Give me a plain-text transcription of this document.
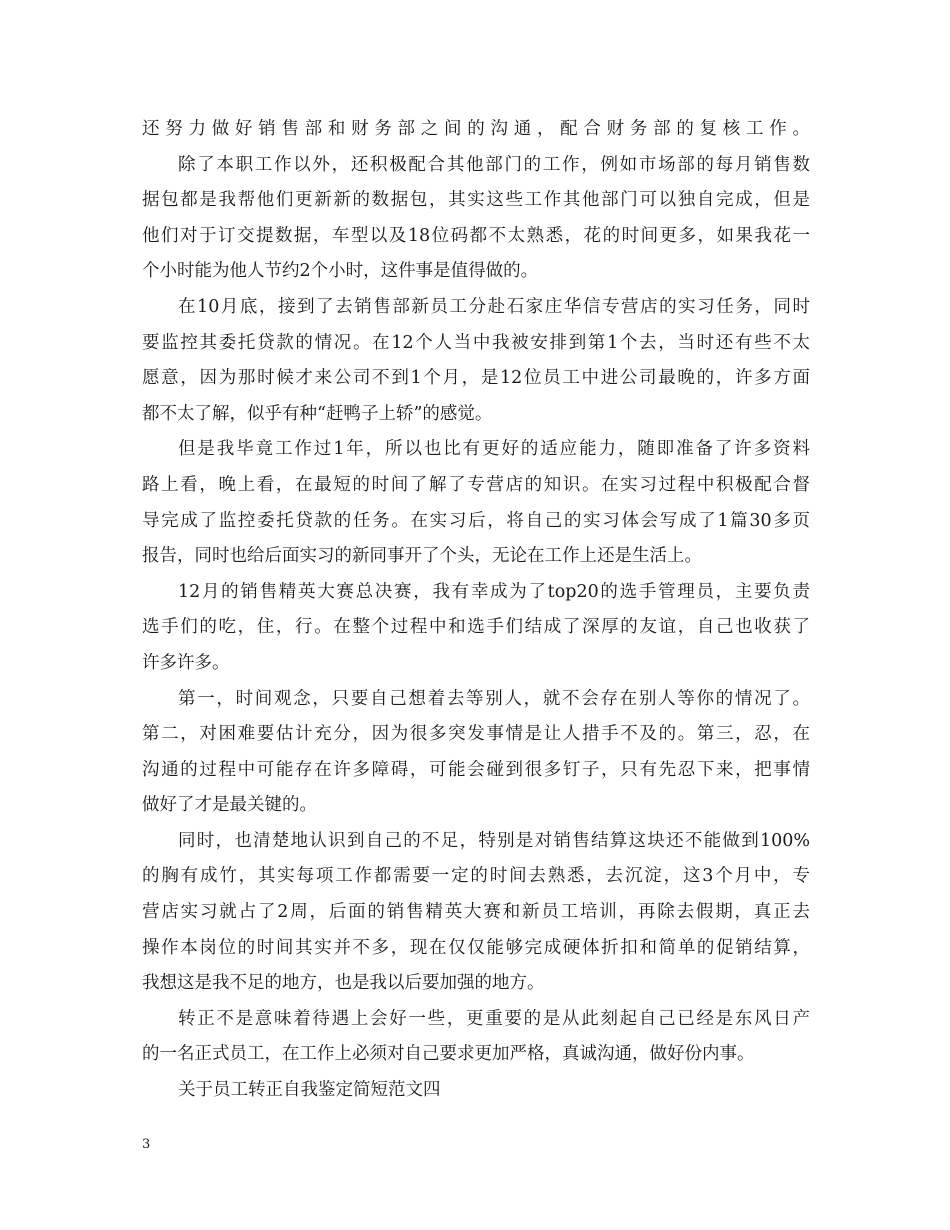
还努力做好销售部和财务部之间的沟通，配合财务部的复核工作。
除了本职工作以外，还积极配合其他部门的工作，例如市场部的每月销售数
据包都是我帮他们更新新的数据包，其实这些工作其他部门可以独自完成，但是
他们对于订交提数据，车型以及18位码都不太熟悉，花的时间更多，如果我花一
个小时能为他人节约2个小时，这件事是值得做的。
在10月底，接到了去销售部新员工分赴石家庄华信专营店的实习任务，同时
要监控其委托贷款的情况。在12个人当中我被安排到第1个去，当时还有些不太
愿意，因为那时候才来公司不到1个月，是12位员工中进公司最晚的，许多方面
都不太了解，似乎有种“赶鸭子上轿”的感觉。
但是我毕竟工作过1年，所以也比有更好的适应能力，随即准备了许多资料
路上看，晚上看，在最短的时间了解了专营店的知识。在实习过程中积极配合督
导完成了监控委托贷款的任务。在实习后，将自己的实习体会写成了1篇30多页
报告，同时也给后面实习的新同事开了个头，无论在工作上还是生活上。
12月的销售精英大赛总决赛，我有幸成为了top20的选手管理员，主要负责
选手们的吃，住，行。在整个过程中和选手们结成了深厚的友谊，自己也收获了
许多许多。
第一，时间观念，只要自己想着去等别人，就不会存在别人等你的情况了。
第二，对困难要估计充分，因为很多突发事情是让人措手不及的。第三，忍，在
沟通的过程中可能存在许多障碍，可能会碰到很多钉子，只有先忍下来，把事情
做好了才是最关键的。
同时，也清楚地认识到自己的不足，特别是对销售结算这块还不能做到100%
的胸有成竹，其实每项工作都需要一定的时间去熟悉，去沉淀，这3个月中，专
营店实习就占了2周，后面的销售精英大赛和新员工培训，再除去假期，真正去
操作本岗位的时间其实并不多，现在仅仅能够完成硬体折扣和简单的促销结算，
我想这是我不足的地方，也是我以后要加强的地方。
转正不是意味着待遇上会好一些，更重要的是从此刻起自己已经是东风日产
的一名正式员工，在工作上必须对自己要求更加严格，真诚沟通，做好份内事。
关于员工转正自我鉴定简短范文四
3
